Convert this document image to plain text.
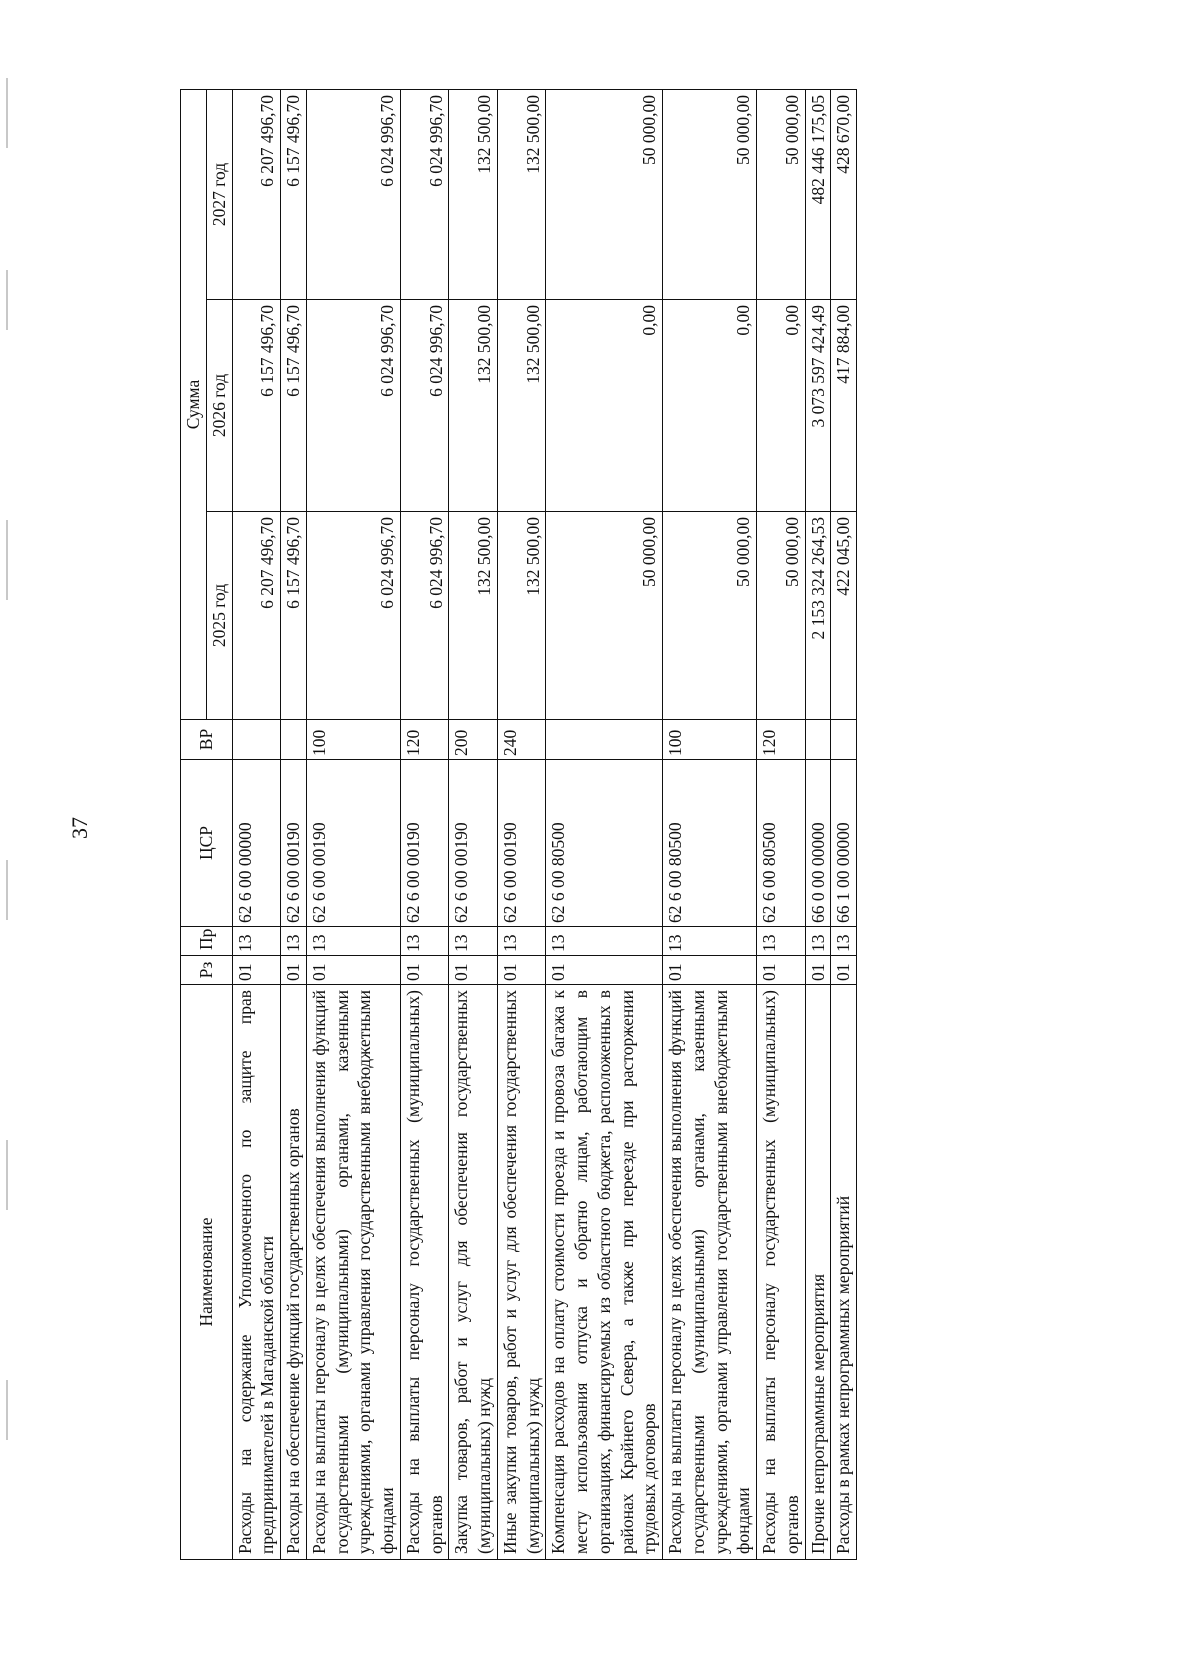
37
Наименование	Рз	Пр	ЦСР	ВР	Сумма		
					2025 год	2026 год	2027 год
Расходы на содержание Уполномоченного по защите прав предпринимателей в Магаданской области	01	13	62 6 00 00000		6 207 496,70	6 157 496,70	6 207 496,70
Расходы на обеспечение функций государственных органов	01	13	62 6 00 00190		6 157 496,70	6 157 496,70	6 157 496,70
Расходы на выплаты персоналу в целях обеспечения выполнения функций государственными (муниципальными) органами, казенными учреждениями, органами управления государственными внебюджетными фондами	01	13	62 6 00 00190	100	6 024 996,70	6 024 996,70	6 024 996,70
Расходы на выплаты персоналу государственных (муниципальных) органов	01	13	62 6 00 00190	120	6 024 996,70	6 024 996,70	6 024 996,70
Закупка товаров, работ и услуг для обеспечения государственных (муниципальных) нужд	01	13	62 6 00 00190	200	132 500,00	132 500,00	132 500,00
Иные закупки товаров, работ и услуг для обеспечения государственных (муниципальных) нужд	01	13	62 6 00 00190	240	132 500,00	132 500,00	132 500,00
Компенсация расходов на оплату стоимости проезда и провоза багажа к месту использования отпуска и обратно лицам, работающим в организациях, финансируемых из областного бюджета, расположенных в районах Крайнего Севера, а также при переезде при расторжении трудовых договоров	01	13	62 6 00 80500		50 000,00	0,00	50 000,00
Расходы на выплаты персоналу в целях обеспечения выполнения функций государственными (муниципальными) органами, казенными учреждениями, органами управления государственными внебюджетными фондами	01	13	62 6 00 80500	100	50 000,00	0,00	50 000,00
Расходы на выплаты персоналу государственных (муниципальных) органов	01	13	62 6 00 80500	120	50 000,00	0,00	50 000,00
Прочие непрограммные мероприятия	01	13	66 0 00 00000		2 153 324 264,53	3 073 597 424,49	482 446 175,05
Расходы в рамках непрограммных мероприятий	01	13	66 1 00 00000		422 045,00	417 884,00	428 670,00
